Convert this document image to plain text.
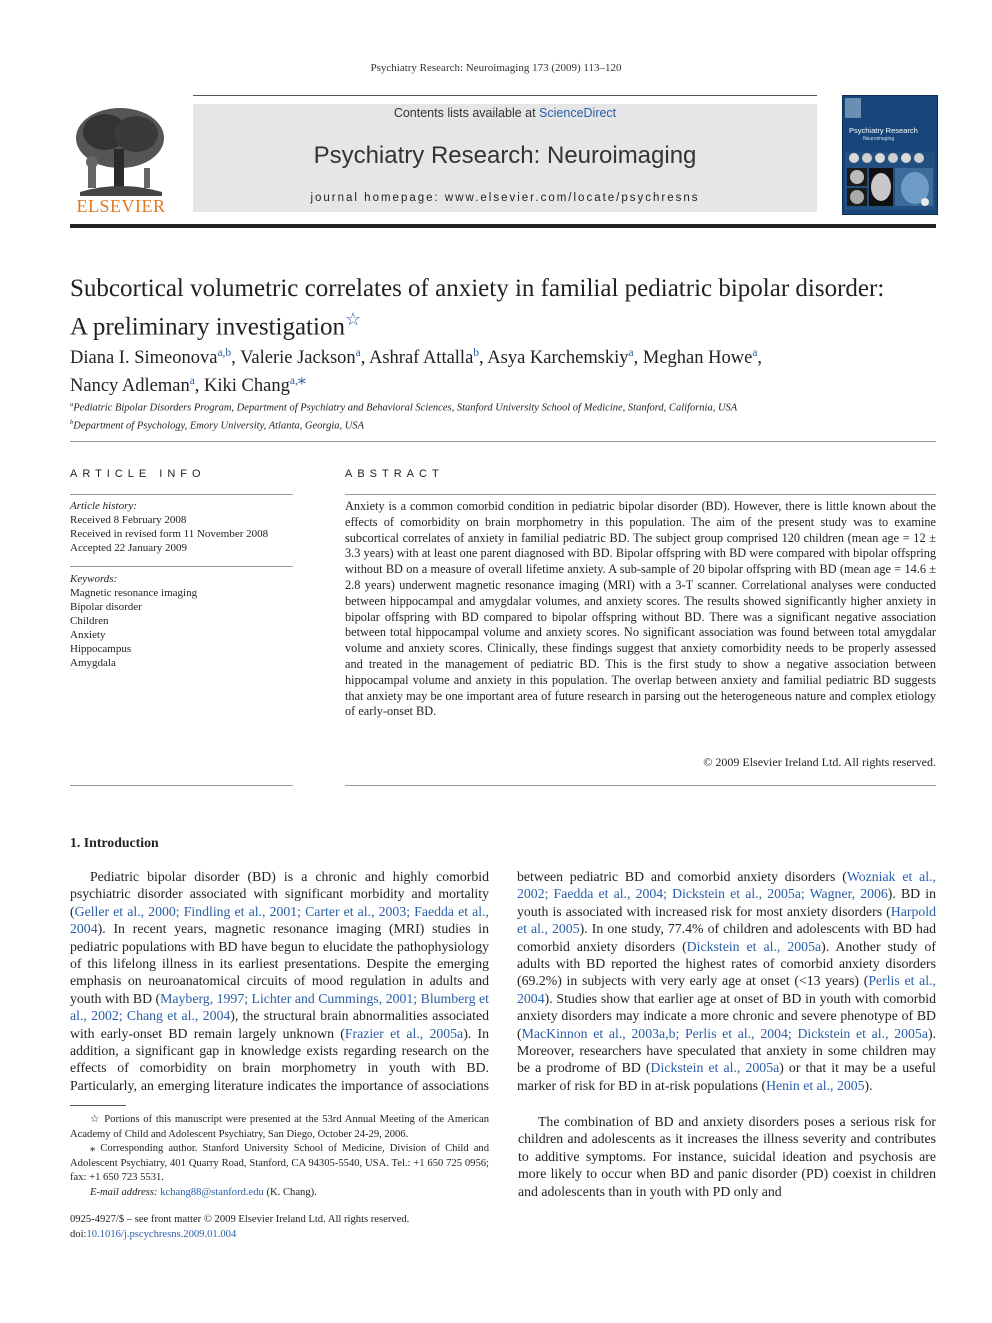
Psychiatry Research: Neuroimaging 173 (2009) 113–120
ELSEVIER
Contents lists available at ScienceDirect
Psychiatry Research: Neuroimaging
journal homepage: www.elsevier.com/locate/psychresns
Psychiatry Research
Neuroimaging
Subcortical volumetric correlates of anxiety in familial pediatric bipolar disorder:
A preliminary investigation☆
Diana I. Simeonova$^{a,b}$, Valerie Jackson$^a$, Ashraf Attalla$^b$, Asya Karchemskiy$^a$, Meghan Howe$^a$,
Nancy Adleman$^a$, Kiki Chang$^{a,⁎}$
$^a$Pediatric Bipolar Disorders Program, Department of Psychiatry and Behavioral Sciences, Stanford University School of Medicine, Stanford, California, USA
$^b$Department of Psychology, Emory University, Atlanta, Georgia, USA
ARTICLE INFO
Article history:
Received 8 February 2008
Received in revised form 11 November 2008
Accepted 22 January 2009
Keywords:
Magnetic resonance imaging
Bipolar disorder
Children
Anxiety
Hippocampus
Amygdala
ABSTRACT
Anxiety is a common comorbid condition in pediatric bipolar disorder (BD). However, there is little known about the effects of comorbidity on brain morphometry in this population. The aim of the present study was to examine subcortical correlates of anxiety in familial pediatric BD. The subject group comprised 120 children (mean age = 12 ± 3.3 years) with at least one parent diagnosed with BD. Bipolar offspring with BD were compared with bipolar offspring without BD on a measure of overall lifetime anxiety. A sub-sample of 20 bipolar offspring with BD (mean age = 14.6 ± 2.8 years) underwent magnetic resonance imaging (MRI) with a 3-T scanner. Correlational analyses were conducted between hippocampal and amygdalar volumes, and anxiety scores. The results showed significantly higher anxiety in bipolar offspring with BD compared to bipolar offspring without BD. There was a significant negative association between total hippocampal volume and anxiety scores. No significant association was found between total amygdalar volume and anxiety scores. Clinically, these findings suggest that anxiety comorbidity needs to be properly assessed and treated in the management of pediatric BD. This is the first study to show a negative association between hippocampal volume and anxiety in this population. The overlap between anxiety and familial pediatric BD suggests that anxiety may be one important area of future research in parsing out the heterogeneous nature and complex etiology of early-onset BD.
© 2009 Elsevier Ireland Ltd. All rights reserved.
1. Introduction

Pediatric bipolar disorder (BD) is a chronic and highly comorbid psychiatric disorder associated with significant morbidity and mortality (Geller et al., 2000; Findling et al., 2001; Carter et al., 2003; Faedda et al., 2004). In recent years, magnetic resonance imaging (MRI) studies in pediatric populations with BD have begun to elucidate the pathophysiology of this lifelong illness in its earliest presentations. Despite the emerging emphasis on neuroanatomical circuits of mood regulation in adults and youth with BD (Mayberg, 1997; Lichter and Cummings, 2001; Blumberg et al., 2002; Chang et al., 2004), the structural brain abnormalities associated with early-onset BD remain largely unknown (Frazier et al., 2005a). In addition, a significant gap in knowledge exists regarding research on the effects of comorbidity on brain morphometry in youth with BD. Particularly, an emerging literature indicates the importance of associations between pediatric BD and comorbid anxiety disorders (Wozniak et al., 2002; Faedda et al., 2004; Dickstein et al., 2005a; Wagner, 2006). BD in youth is associated with increased risk for most anxiety disorders (Harpold et al., 2005). In one study, 77.4% of children and adolescents with BD had comorbid anxiety disorders (Dickstein et al., 2005a). Another study of adults with BD reported the highest rates of comorbid anxiety disorders (69.2%) in subjects with very early age at onset (<13 years) (Perlis et al., 2004). Studies show that earlier age at onset of BD in youth with comorbid anxiety disorders may indicate a more chronic and severe phenotype of BD (MacKinnon et al., 2003a,b; Perlis et al., 2004; Dickstein et al., 2005a). Moreover, researchers have speculated that anxiety in some children may be a prodrome of BD (Dickstein et al., 2005a) or that it may be a useful marker of risk for BD in at-risk populations (Henin et al., 2005).

The combination of BD and anxiety disorders poses a serious risk for children and adolescents as it increases the illness severity and contributes to additive symptoms. For instance, suicidal ideation and psychosis are more likely to occur when BD and panic disorder (PD) coexist in children and adolescents than in youth with PD only and

☆ Portions of this manuscript were presented at the 53rd Annual Meeting of the American Academy of Child and Adolescent Psychiatry, San Diego, October 24-29, 2006.
⁎ Corresponding author. Stanford University School of Medicine, Division of Child and Adolescent Psychiatry, 401 Quarry Road, Stanford, CA 94305-5540, USA. Tel.: +1 650 725 0956; fax: +1 650 723 5531.
E-mail address: kchang88@stanford.edu (K. Chang).
0925-4927/$ – see front matter © 2009 Elsevier Ireland Ltd. All rights reserved.
doi:10.1016/j.pscychresns.2009.01.004
